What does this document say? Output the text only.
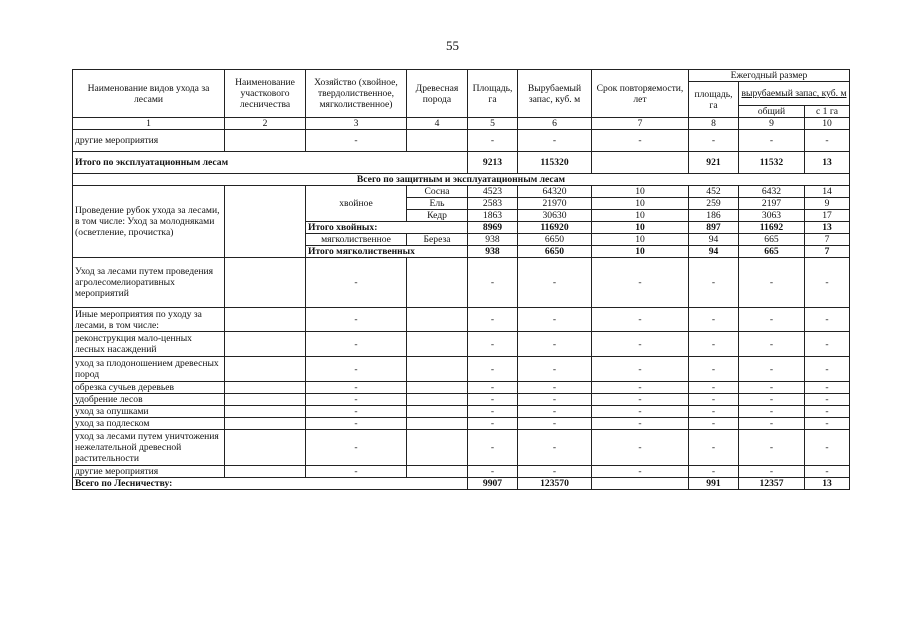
55
Наименование видов ухода за лесами	Наименование участкового лесничества	Хозяйство (хвойное, твердолиственное, мягколиственное)	Древесная порода	Площадь, га	Вырубаемый запас, куб. м	Срок повторяемости, лет	Ежегодный размер		
							площадь, га	вырубаемый запас, куб. м	
								общий	с 1 га
1	2	3	4	5	6	7	8	9	10
другие мероприятия		-		-	-	-	-	-	-
Итого по эксплуатационным лесам				9213	115320		921	11532	13
Всего по защитным и эксплуатационным лесам									
Проведение рубок ухода за лесами, в том числе: Уход за молодняками (осветление, прочистка)		хвойное	Сосна	4523	64320	10	452	6432	14
			Ель	2583	21970	10	259	2197	9
			Кедр	1863	30630	10	186	3063	17
		Итого хвойных:		8969	116920	10	897	11692	13
		мягколиственное	Береза	938	6650	10	94	665	7
		Итого мягколиственных		938	6650	10	94	665	7
Уход за лесами путем проведения агролесомелиоративных мероприятий		-		-	-	-	-	-	-
Иные мероприятия по уходу за лесами, в том числе:		-		-	-	-	-	-	-
реконструкция мало-ценных лесных насаждений		-		-	-	-	-	-	-
уход за плодоношением древесных пород		-		-	-	-	-	-	-
обрезка сучьев деревьев		-		-	-	-	-	-	-
удобрение лесов		-		-	-	-	-	-	-
уход за опушками		-		-	-	-	-	-	-
уход за подлеском		-		-	-	-	-	-	-
уход за лесами путем уничтожения нежелательной древесной растительности		-		-	-	-	-	-	-
другие мероприятия		-		-	-	-	-	-	-
Всего по Лесничеству:				9907	123570		991	12357	13
